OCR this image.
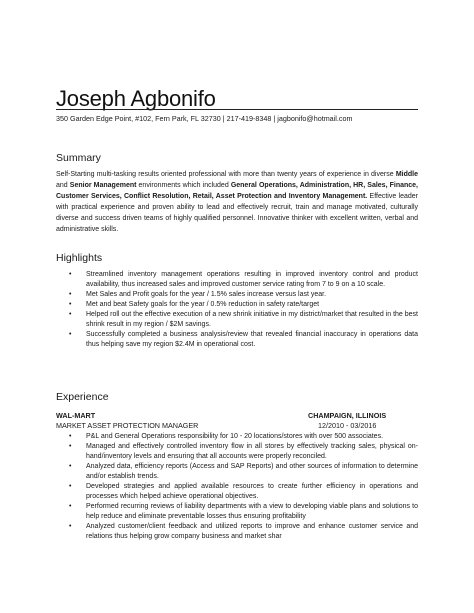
Joseph Agbonifo
350 Garden Edge Point, #102, Fern Park, FL 32730 | 217-419-8348 | jagbonifo@hotmail.com
Summary
Self-Starting multi-tasking results oriented professional with more than twenty years of experience in diverse Middle and Senior Management environments which included General Operations, Administration, HR, Sales, Finance, Customer Services, Conflict Resolution, Retail, Asset Protection and Inventory Management. Effective leader with practical experience and proven ability to lead and effectively recruit, train and manage motivated, culturally diverse and success driven teams of highly qualified personnel. Innovative thinker with excellent written, verbal and administrative skills.
Highlights
• Streamlined inventory management operations resulting in improved inventory control and product availability, thus increased sales and improved customer service rating from 7 to 9 on a 10 scale.
• Met Sales and Profit goals for the year / 1.5% sales increase versus last year.
• Met and beat Safety goals for the year / 0.5% reduction in safety rate/target
• Helped roll out the effective execution of a new shrink initiative in my district/market that resulted in the best shrink result in my region / $2M savings.
• Successfully completed a business analysis/review that revealed financial inaccuracy in operations data thus helping save my region $2.4M in operational cost.
Experience
WAL-MART	CHAMPAIGN, ILLINOIS
MARKET ASSET PROTECTION MANAGER	12/2010 - 03/2016
• P&L and General Operations responsibility for 10 - 20 locations/stores with over 500 associates.
• Managed and effectively controlled inventory flow in all stores by effectively tracking sales, physical on-hand/inventory levels and ensuring that all accounts were properly reconciled.
• Analyzed data, efficiency reports (Access and SAP Reports) and other sources of information to determine and/or establish trends.
• Developed strategies and applied available resources to create further efficiency in operations and processes which helped achieve operational objectives.
• Performed recurring reviews of liability departments with a view to developing viable plans and solutions to help reduce and eliminate preventable losses thus ensuring profitability
• Analyzed customer/client feedback and utilized reports to improve and enhance customer service and relations thus helping grow company business and market shar
